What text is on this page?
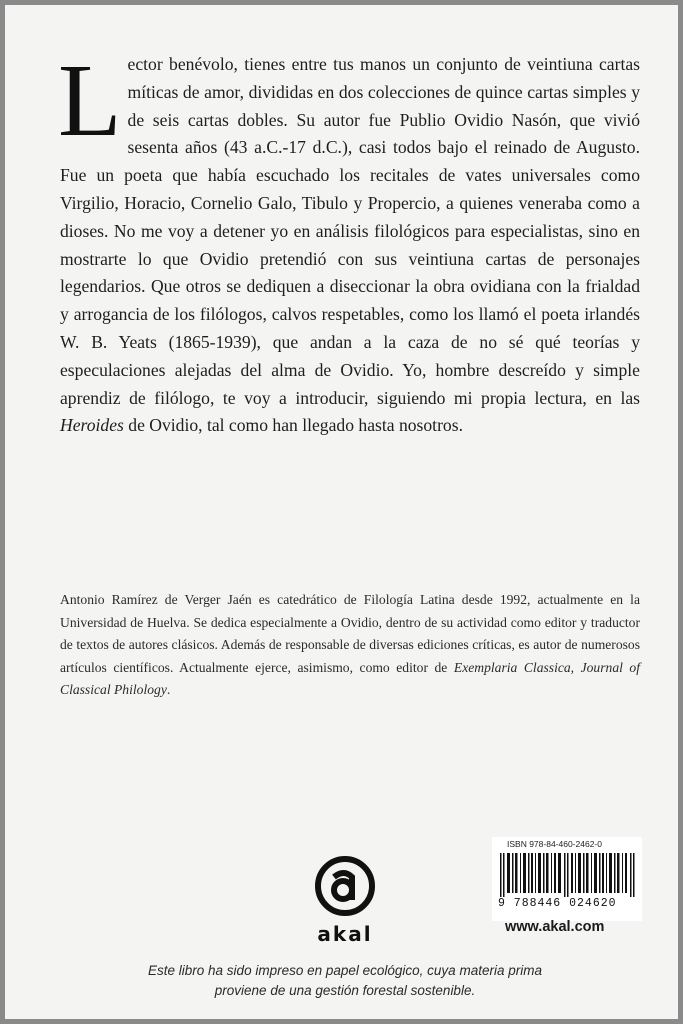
Lector benévolo, tienes entre tus manos un conjunto de veintiuna cartas míticas de amor, divididas en dos colecciones de quince cartas simples y de seis cartas dobles. Su autor fue Publio Ovidio Nasón, que vivió sesenta años (43 a.C.-17 d.C.), casi todos bajo el reinado de Augusto. Fue un poeta que había escuchado los recitales de vates universales como Virgilio, Horacio, Cornelio Galo, Tibulo y Propercio, a quienes veneraba como a dioses. No me voy a detener yo en análisis filológicos para especialistas, sino en mostrarte lo que Ovidio pretendió con sus veintiuna cartas de personajes legendarios. Que otros se dediquen a diseccionar la obra ovidiana con la frialdad y arrogancia de los filólogos, calvos respetables, como los llamó el poeta irlandés W. B. Yeats (1865-1939), que andan a la caza de no sé qué teorías y especulaciones alejadas del alma de Ovidio. Yo, hombre descreído y simple aprendiz de filólogo, te voy a introducir, siguiendo mi propia lectura, en las Heroides de Ovidio, tal como han llegado hasta nosotros.
Antonio Ramírez de Verger Jaén es catedrático de Filología Latina desde 1992, actualmente en la Universidad de Huelva. Se dedica especialmente a Ovidio, dentro de su actividad como editor y traductor de textos de autores clásicos. Además de responsable de diversas ediciones críticas, es autor de numerosos artículos científicos. Actualmente ejerce, asimismo, como editor de Exemplaria Classica, Journal of Classical Philology.
akal
ISBN 978-84-460-2462-0
9 788446 024620
www.akal.com
Este libro ha sido impreso en papel ecológico, cuya materia prima
proviene de una gestión forestal sostenible.
